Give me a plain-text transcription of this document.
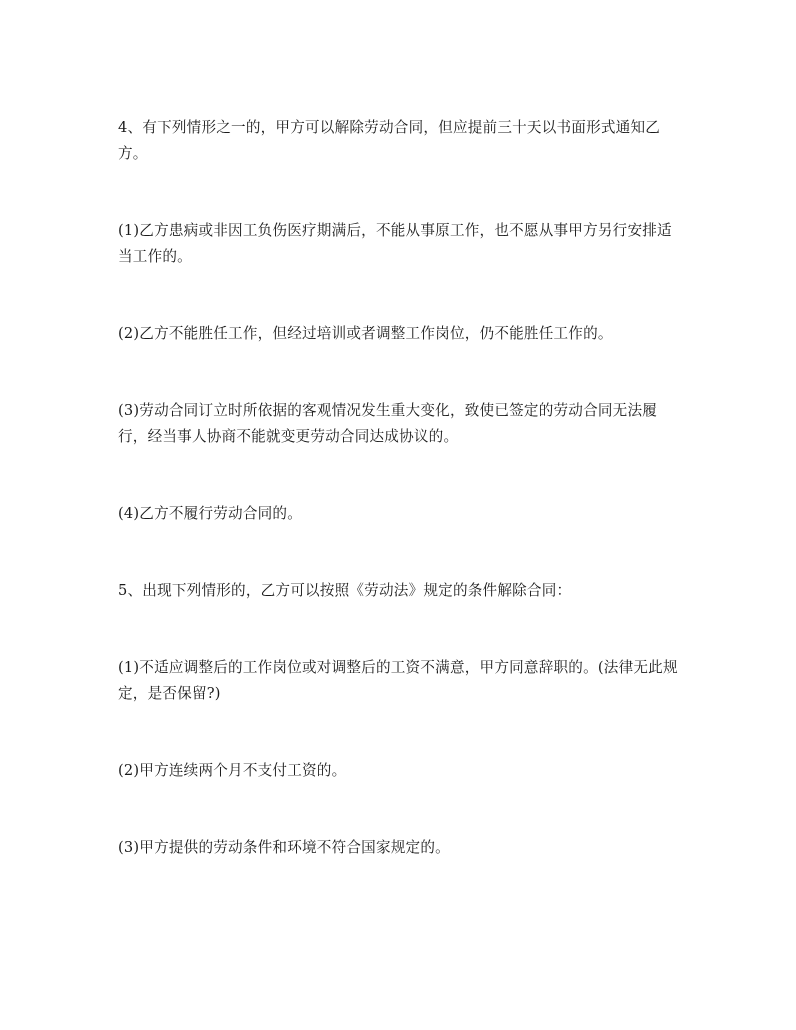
4、有下列情形之一的，甲方可以解除劳动合同，但应提前三十天以书面形式通知乙方。

(1)乙方患病或非因工负伤医疗期满后，不能从事原工作，也不愿从事甲方另行安排适当工作的。

(2)乙方不能胜任工作，但经过培训或者调整工作岗位，仍不能胜任工作的。

(3)劳动合同订立时所依据的客观情况发生重大变化，致使已签定的劳动合同无法履行，经当事人协商不能就变更劳动合同达成协议的。

(4)乙方不履行劳动合同的。

5、出现下列情形的，乙方可以按照《劳动法》规定的条件解除合同：

(1)不适应调整后的工作岗位或对调整后的工资不满意，甲方同意辞职的。(法律无此规定，是否保留?)

(2)甲方连续两个月不支付工资的。

(3)甲方提供的劳动条件和环境不符合国家规定的。
